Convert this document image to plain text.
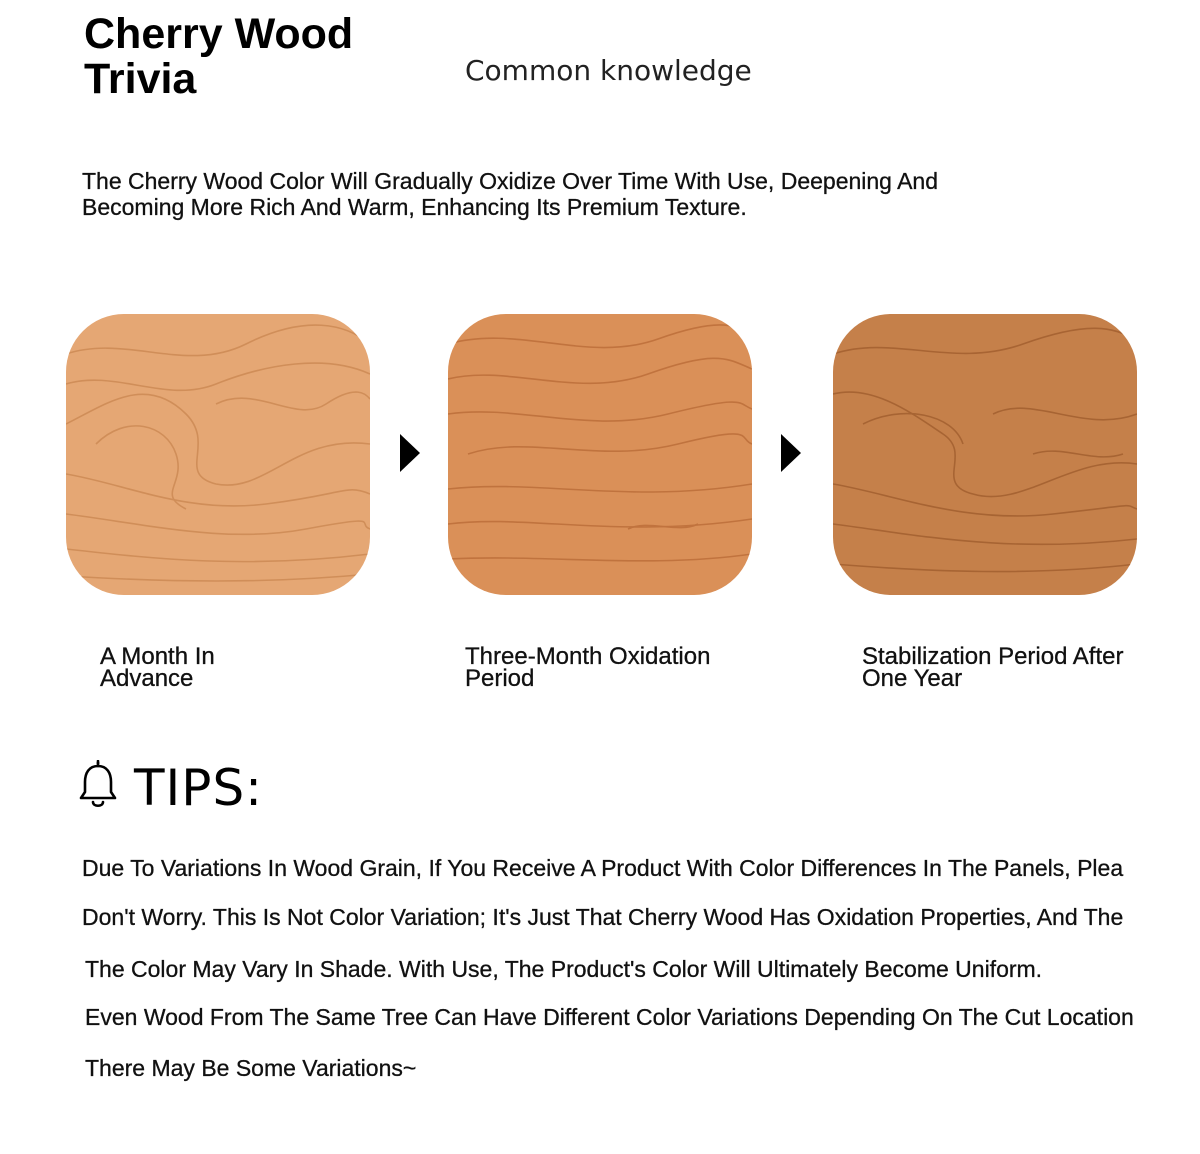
Cherry Wood Trivia	Common knowledge
The Cherry Wood Color Will Gradually Oxidize Over Time With Use, Deepening And Becoming More Rich And Warm, Enhancing Its Premium Texture.
A Month In Advance
Three-Month Oxidation Period
Stabilization Period After One Year
TIPS:
Due To Variations In Wood Grain, If You Receive A Product With Color Differences In The Panels, Plea
Don't Worry. This Is Not Color Variation; It's Just That Cherry Wood Has Oxidation Properties, And The
The Color May Vary In Shade. With Use, The Product's Color Will Ultimately Become Uniform.
Even Wood From The Same Tree Can Have Different Color Variations Depending On The Cut Location
There May Be Some Variations~
